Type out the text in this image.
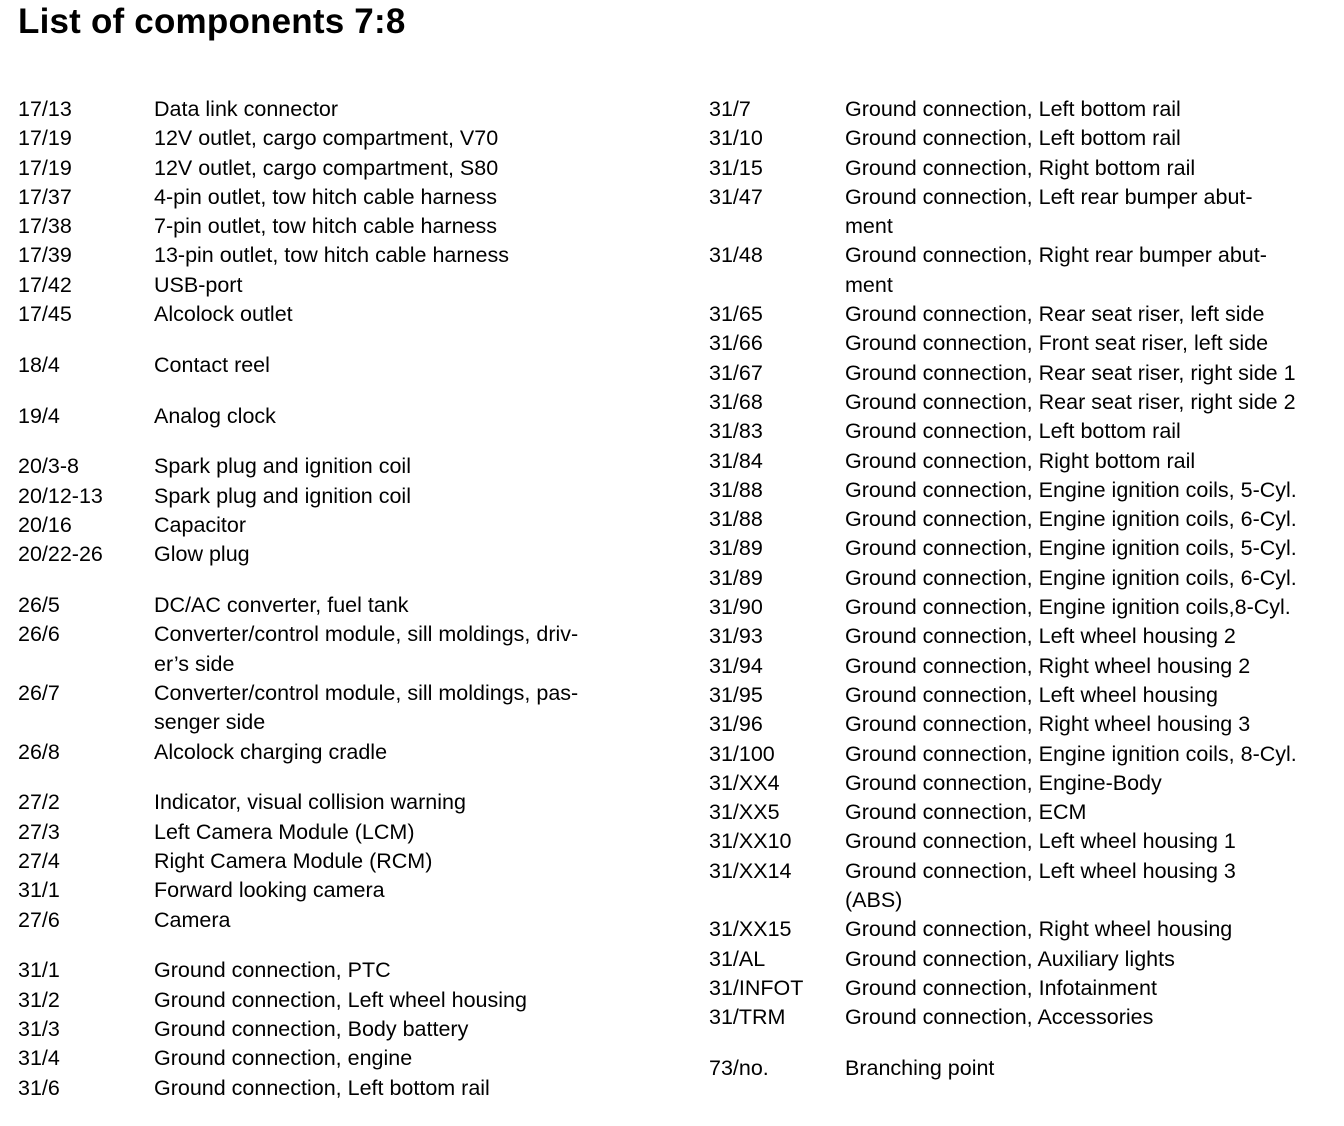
List of components 7:8
17/13	Data link connector
17/19	12V outlet, cargo compartment, V70
17/19	12V outlet, cargo compartment, S80
17/37	4-pin outlet, tow hitch cable harness
17/38	7-pin outlet, tow hitch cable harness
17/39	13-pin outlet, tow hitch cable harness
17/42	USB-port
17/45	Alcolock outlet
18/4	Contact reel
19/4	Analog clock
20/3-8	Spark plug and ignition coil
20/12-13	Spark plug and ignition coil
20/16	Capacitor
20/22-26	Glow plug
26/5	DC/AC converter, fuel tank
26/6	Converter/control module, sill moldings, driv-
er’s side
26/7	Converter/control module, sill moldings, pas-
senger side
26/8	Alcolock charging cradle
27/2	Indicator, visual collision warning
27/3	Left Camera Module (LCM)
27/4	Right Camera Module (RCM)
31/1	Forward looking camera
27/6	Camera
31/1	Ground connection, PTC
31/2	Ground connection, Left wheel housing
31/3	Ground connection, Body battery
31/4	Ground connection, engine
31/6	Ground connection, Left bottom rail
31/7	Ground connection, Left bottom rail
31/10	Ground connection, Left bottom rail
31/15	Ground connection, Right bottom rail
31/47	Ground connection, Left rear bumper abut-
ment
31/48	Ground connection, Right rear bumper abut-
ment
31/65	Ground connection, Rear seat riser, left side
31/66	Ground connection, Front seat riser, left side
31/67	Ground connection, Rear seat riser, right side 1
31/68	Ground connection, Rear seat riser, right side 2
31/83	Ground connection, Left bottom rail
31/84	Ground connection, Right bottom rail
31/88	Ground connection, Engine ignition coils, 5-Cyl.
31/88	Ground connection, Engine ignition coils, 6-Cyl.
31/89	Ground connection, Engine ignition coils, 5-Cyl.
31/89	Ground connection, Engine ignition coils, 6-Cyl.
31/90	Ground connection, Engine ignition coils,8-Cyl.
31/93	Ground connection, Left wheel housing 2
31/94	Ground connection, Right wheel housing 2
31/95	Ground connection, Left wheel housing
31/96	Ground connection, Right wheel housing 3
31/100	Ground connection, Engine ignition coils, 8-Cyl.
31/XX4	Ground connection, Engine-Body
31/XX5	Ground connection, ECM
31/XX10	Ground connection, Left wheel housing 1
31/XX14	Ground connection, Left wheel housing 3
(ABS)
31/XX15	Ground connection, Right wheel housing
31/AL	Ground connection, Auxiliary lights
31/INFOT	Ground connection, Infotainment
31/TRM	Ground connection, Accessories
73/no.	Branching point
